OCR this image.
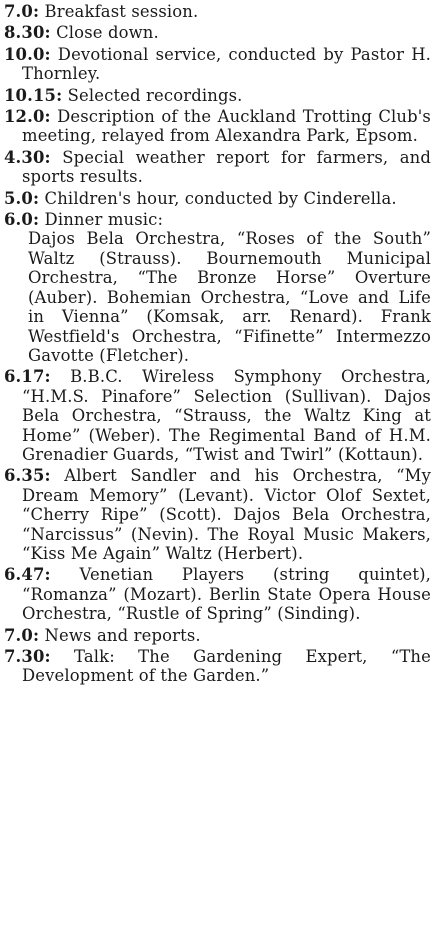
7.0: Breakfast session.

8.30: Close down.

10.0: Devotional service, conducted by Pastor H. Thornley.

10.15: Selected recordings.

12.0: Description of the Auckland Trotting Club's meeting, relayed from Alexandra Park, Epsom.

4.30: Special weather report for farmers, and sports results.

5.0: Children's hour, conducted by Cinderella.

6.0: Dinner music:

Dajos Bela Orchestra, “Roses of the South” Waltz (Strauss). Bournemouth Municipal Orchestra, “The Bronze Horse” Overture (Auber). Bohemian Orchestra, “Love and Life in Vienna” (Komsak, arr. Renard). Frank Westfield's Orchestra, “Fifinette” Intermezzo Gavotte (Fletcher).

6.17: B.B.C. Wireless Symphony Orchestra, “H.M.S. Pinafore” Selection (Sullivan). Dajos Bela Orchestra, “Strauss, the Waltz King at Home” (Weber). The Regimental Band of H.M. Grenadier Guards, “Twist and Twirl” (Kottaun).

6.35: Albert Sandler and his Orchestra, “My Dream Memory” (Levant). Victor Olof Sextet, “Cherry Ripe” (Scott). Dajos Bela Orchestra, “Narcissus” (Nevin). The Royal Music Makers, “Kiss Me Again” Waltz (Herbert).

6.47: Venetian Players (string quintet), “Romanza” (Mozart). Berlin State Opera House Orchestra, “Rustle of Spring” (Sinding).

7.0: News and reports.

7.30: Talk: The Gardening Expert, “The Development of the Garden.”
